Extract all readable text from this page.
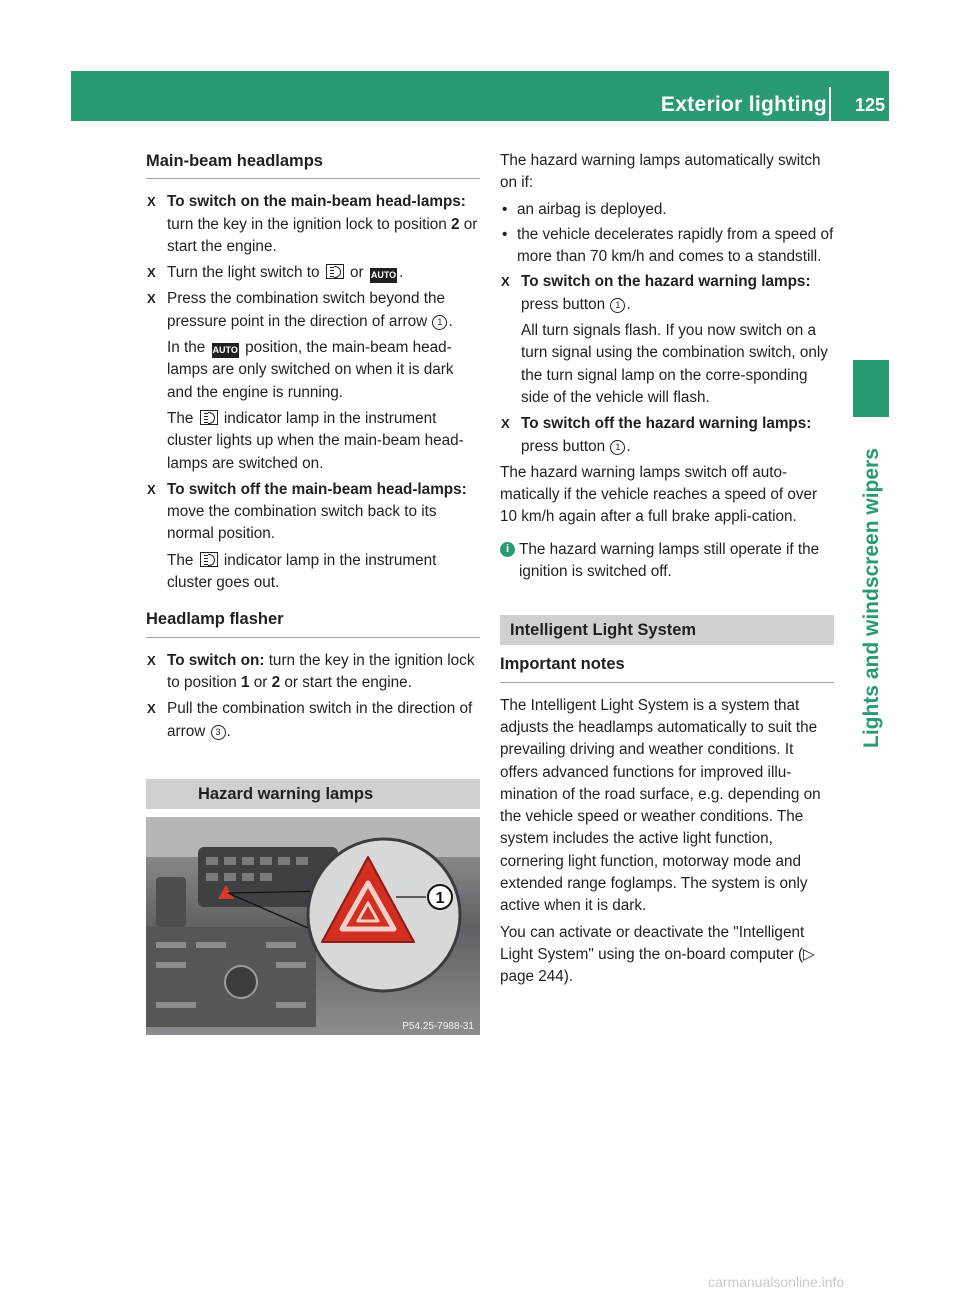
Exterior lighting 125
Lights and windscreen wipers
Main-beam headlamps
X To switch on the main-beam head-lamps: turn the key in the ignition lock to position 2 or start the engine.
X Turn the light switch to or AUTO .
X Press the combination switch beyond the pressure point in the direction of arrow 1 .

In the AUTO position, the main-beam head-lamps are only switched on when it is dark and the engine is running.

The indicator lamp in the instrument cluster lights up when the main-beam head-lamps are switched on.

X To switch off the main-beam head-lamps: move the combination switch back to its normal position.

The indicator lamp in the instrument cluster goes out.

Headlamp flasher
X To switch on: turn the key in the ignition lock to position 1 or 2 or start the engine.
X Pull the combination switch in the direction of arrow 3 .
Hazard warning lamps
1
P54.25-7988-31

The hazard warning lamps automatically switch on if:

• an airbag is deployed.
• the vehicle decelerates rapidly from a speed of more than 70 km/h and comes to a standstill.
X To switch on the hazard warning lamps: press button 1 .

All turn signals flash. If you now switch on a turn signal using the combination switch, only the turn signal lamp on the corre-sponding side of the vehicle will flash.

X To switch off the hazard warning lamps: press button 1 .

The hazard warning lamps switch off auto-matically if the vehicle reaches a speed of over 10 km/h again after a full brake appli-cation.

i The hazard warning lamps still operate if the ignition is switched off.
Intelligent Light System
Important notes

The Intelligent Light System is a system that adjusts the headlamps automatically to suit the prevailing driving and weather conditions. It offers advanced functions for improved illu-mination of the road surface, e.g. depending on the vehicle speed or weather conditions. The system includes the active light function, cornering light function, motorway mode and extended range foglamps. The system is only active when it is dark.

You can activate or deactivate the "Intelligent Light System" using the on-board computer (▷ page 244).

carmanualsonline.info
